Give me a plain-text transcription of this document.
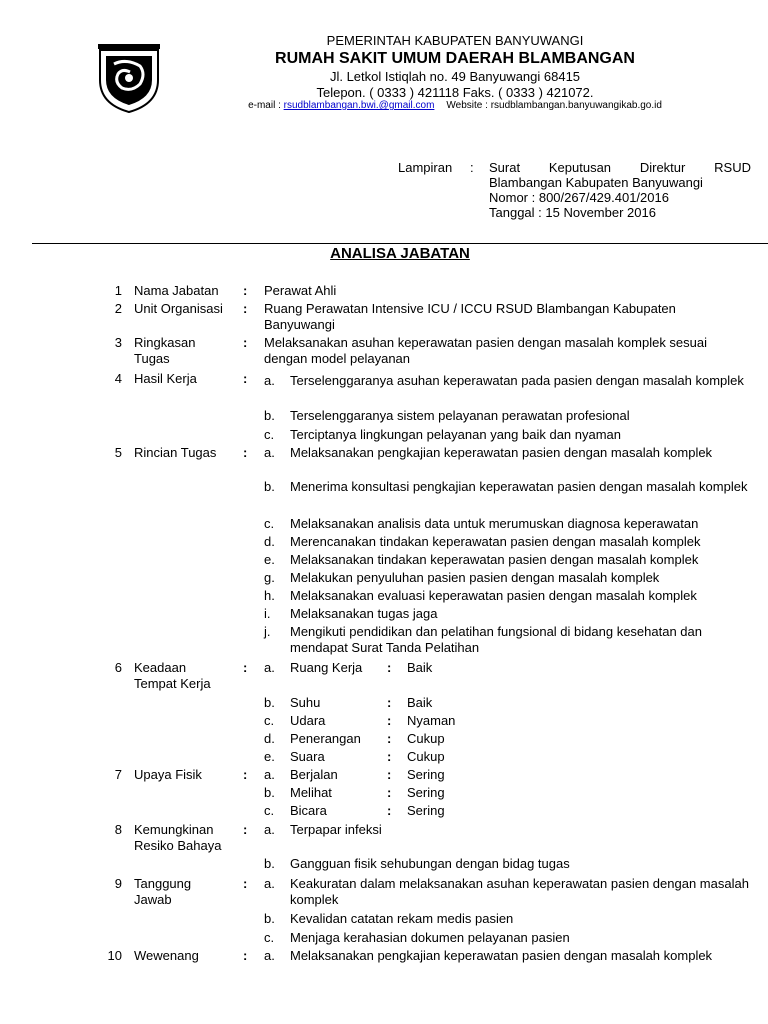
PEMERINTAH KABUPATEN BANYUWANGI
RUMAH SAKIT UMUM DAERAH BLAMBANGAN
Jl. Letkol Istiqlah no. 49 Banyuwangi 68415
Telepon. ( 0333 ) 421118 Faks. ( 0333 ) 421072.
e-mail : rsudblambangan.bwi.@gmail.com Website : rsudblambangan.banyuwangikab.go.id
Lampiran : Surat Keputusan Direktur RSUD
Blambangan Kabupaten Banyuwangi
Nomor : 800/267/429.401/2016
Tanggal : 15 November 2016
ANALISA JABATAN
1 Nama Jabatan	: Perawat Ahli
2 Unit Organisasi	: Ruang Perawatan Intensive ICU / ICCU RSUD Blambangan Kabupaten Banyuwangi
3 Ringkasan Tugas
: Melaksanakan asuhan keperawatan pasien dengan masalah komplek sesuai dengan model pelayanan
4 Hasil Kerja	: a. Terselenggaranya asuhan keperawatan pada pasien dengan masalah komplek
b. Terselenggaranya sistem pelayanan perawatan profesional
c. Terciptanya lingkungan pelayanan yang baik dan nyaman
5 Rincian Tugas	: a. Melaksanakan pengkajian keperawatan pasien dengan masalah komplek
b. Menerima konsultasi pengkajian keperawatan pasien dengan masalah komplek
c. Melaksanakan analisis data untuk merumuskan diagnosa keperawatan
d. Merencanakan tindakan keperawatan pasien dengan masalah komplek
e. Melaksanakan tindakan keperawatan pasien dengan masalah komplek
g. Melakukan penyuluhan pasien pasien dengan masalah komplek
h. Melaksanakan evaluasi keperawatan pasien dengan masalah komplek
i. Melaksanakan tugas jaga
j. Mengikuti pendidikan dan pelatihan fungsional di bidang kesehatan dan mendapat Surat Tanda Pelatihan
6 Keadaan Tempat Kerja
: a. Ruang Kerja : Baik
b. Suhu	: Baik
c. Udara	: Nyaman
d. Penerangan : Cukup
e. Suara	: Cukup
7 Upaya Fisik	: a. Berjalan	: Sering
b. Melihat	: Sering
c. Bicara	: Sering
8 Kemungkinan Resiko Bahaya
: a. Terpapar infeksi
b. Gangguan fisik sehubungan dengan bidag tugas
9 Tanggung Jawab
: a. Keakuratan dalam melaksanakan asuhan keperawatan pasien dengan masalah komplek
b. Kevalidan catatan rekam medis pasien
c. Menjaga kerahasian dokumen pelayanan pasien
10 Wewenang	: a. Melaksanakan pengkajian keperawatan pasien dengan masalah komplek
